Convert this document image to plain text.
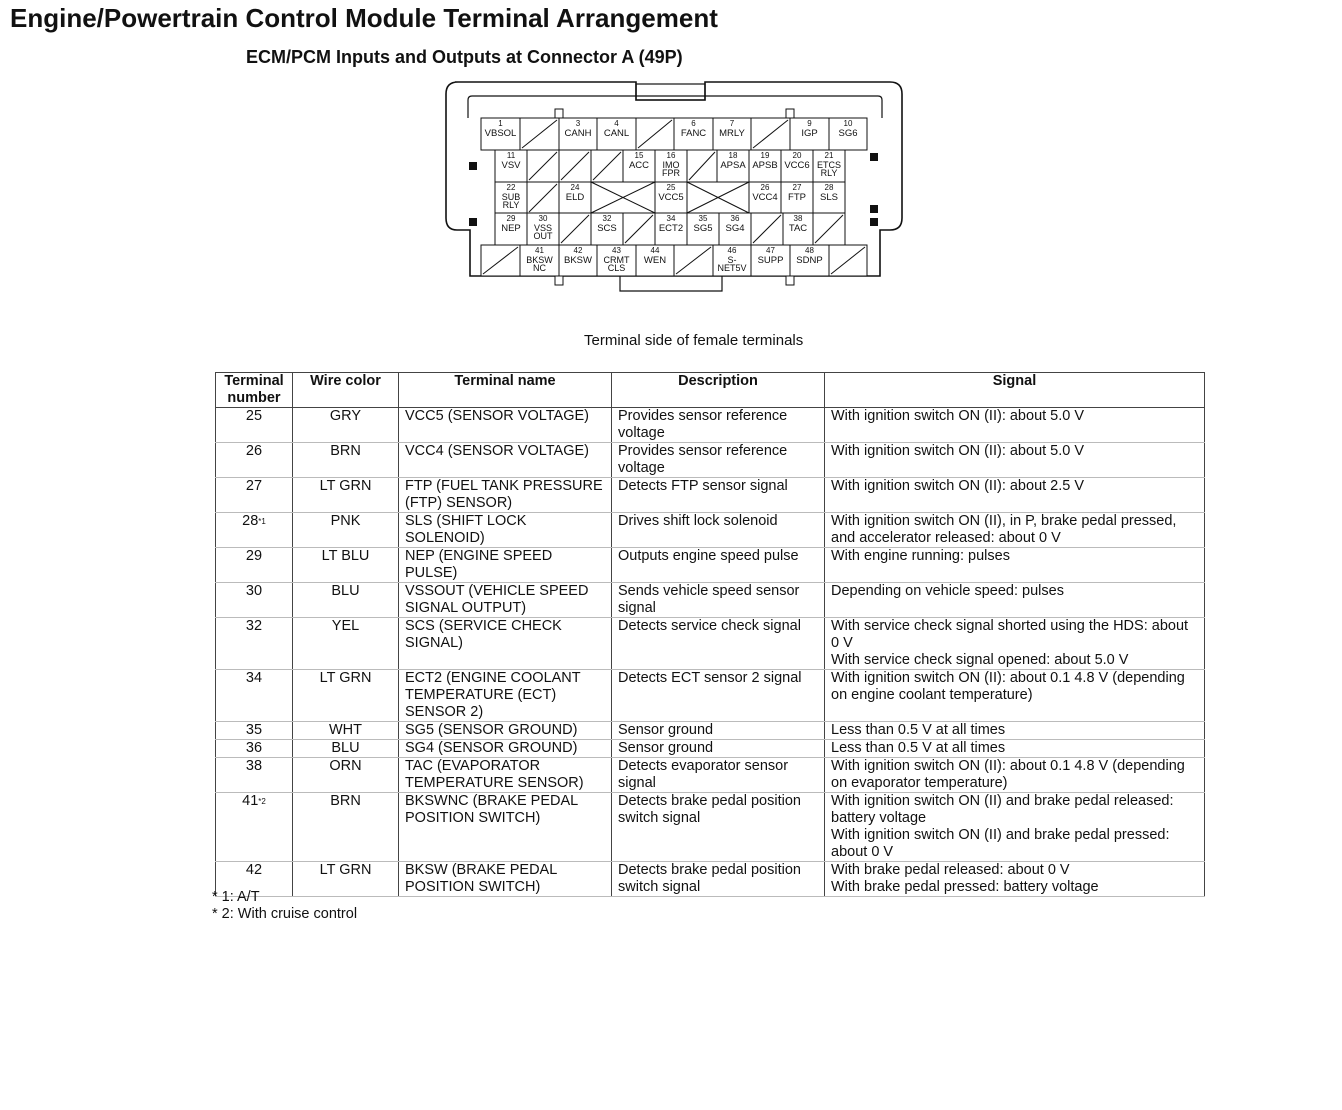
Engine/Powertrain Control Module Terminal Arrangement
ECM/PCM Inputs and Outputs at Connector A (49P)
1
VBSOL
3
CANH
4
CANL
6
FANC
7
MRLY
9
IGP
10
SG6
11
VSV
15
ACC
16
IMO
FPR
18
APSA
19
APSB
20
VCC6
21
ETCS
RLY
22
SUB
RLY
24
ELD
25
VCC5
26
VCC4
27
FTP
28
SLS
29
NEP
30
VSS
OUT
32
SCS
34
ECT2
35
SG5
36
SG4
38
TAC
41
BKSW
NC
42
BKSW
43
CRMT
CLS
44
WEN
46
S-
NET5V
47
SUPP
48
SDNP
Terminal side of female terminals
Terminal number	Wire color	Terminal name	Description	Signal
25	GRY	VCC5 (SENSOR VOLTAGE)	Provides sensor reference voltage	With ignition switch ON (II): about 5.0 V
26	BRN	VCC4 (SENSOR VOLTAGE)	Provides sensor reference voltage	With ignition switch ON (II): about 5.0 V
27	LT GRN	FTP (FUEL TANK PRESSURE (FTP) SENSOR)	Detects FTP sensor signal	With ignition switch ON (II): about 2.5 V
28$^{*1}$	PNK	SLS (SHIFT LOCK SOLENOID)	Drives shift lock solenoid	With ignition switch ON (II), in P, brake pedal pressed, and accelerator released: about 0 V
29	LT BLU	NEP (ENGINE SPEED PULSE)	Outputs engine speed pulse	With engine running: pulses
30	BLU	VSSOUT (VEHICLE SPEED SIGNAL OUTPUT)	Sends vehicle speed sensor signal	Depending on vehicle speed: pulses
32	YEL	SCS (SERVICE CHECK SIGNAL)	Detects service check signal	With service check signal shorted using the HDS: about 0 V
With service check signal opened: about 5.0 V
34	LT GRN	ECT2 (ENGINE COOLANT TEMPERATURE (ECT) SENSOR 2)	Detects ECT sensor 2 signal	With ignition switch ON (II): about 0.1 4.8 V (depending on engine coolant temperature)
35	WHT	SG5 (SENSOR GROUND)	Sensor ground	Less than 0.5 V at all times
36	BLU	SG4 (SENSOR GROUND)	Sensor ground	Less than 0.5 V at all times
38	ORN	TAC (EVAPORATOR TEMPERATURE SENSOR)	Detects evaporator sensor signal	With ignition switch ON (II): about 0.1 4.8 V (depending on evaporator temperature)
41$^{*2}$	BRN	BKSWNC (BRAKE PEDAL POSITION SWITCH)	Detects brake pedal position switch signal	With ignition switch ON (II) and brake pedal released: battery voltage
With ignition switch ON (II) and brake pedal pressed: about 0 V
42	LT GRN	BKSW (BRAKE PEDAL POSITION SWITCH)	Detects brake pedal position switch signal	With brake pedal released: about 0 V
With brake pedal pressed: battery voltage
* 1: A/T
* 2: With cruise control
